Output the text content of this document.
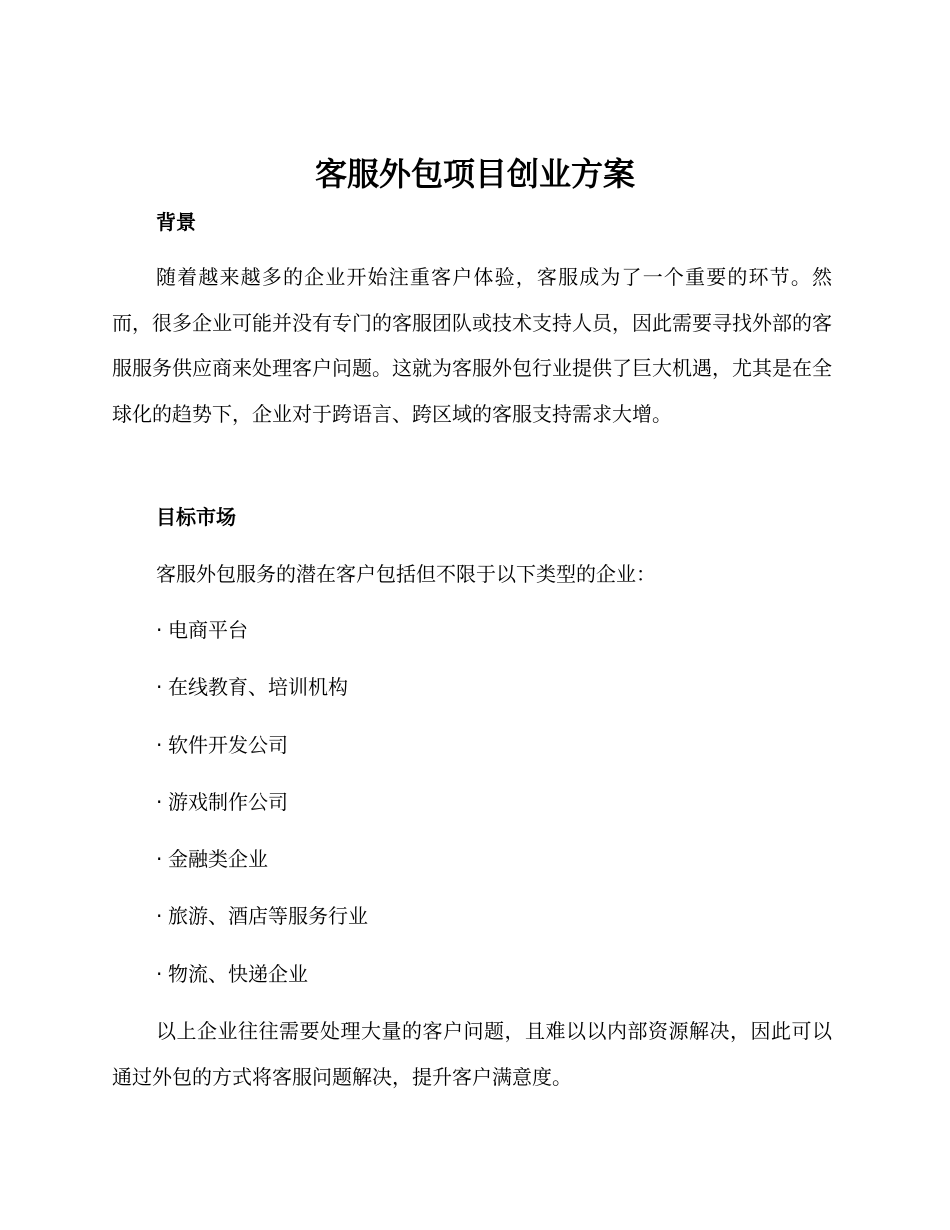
客服外包项目创业方案
背景

随着越来越多的企业开始注重客户体验，客服成为了一个重要的环节。然而，很多企业可能并没有专门的客服团队或技术支持人员，因此需要寻找外部的客服服务供应商来处理客户问题。这就为客服外包行业提供了巨大机遇，尤其是在全球化的趋势下，企业对于跨语言、跨区域的客服支持需求大增。

目标市场

客服外包服务的潜在客户包括但不限于以下类型的企业：

· 电商平台
· 在线教育、培训机构
· 软件开发公司
· 游戏制作公司
· 金融类企业
· 旅游、酒店等服务行业
· 物流、快递企业

以上企业往往需要处理大量的客户问题，且难以以内部资源解决，因此可以通过外包的方式将客服问题解决，提升客户满意度。
